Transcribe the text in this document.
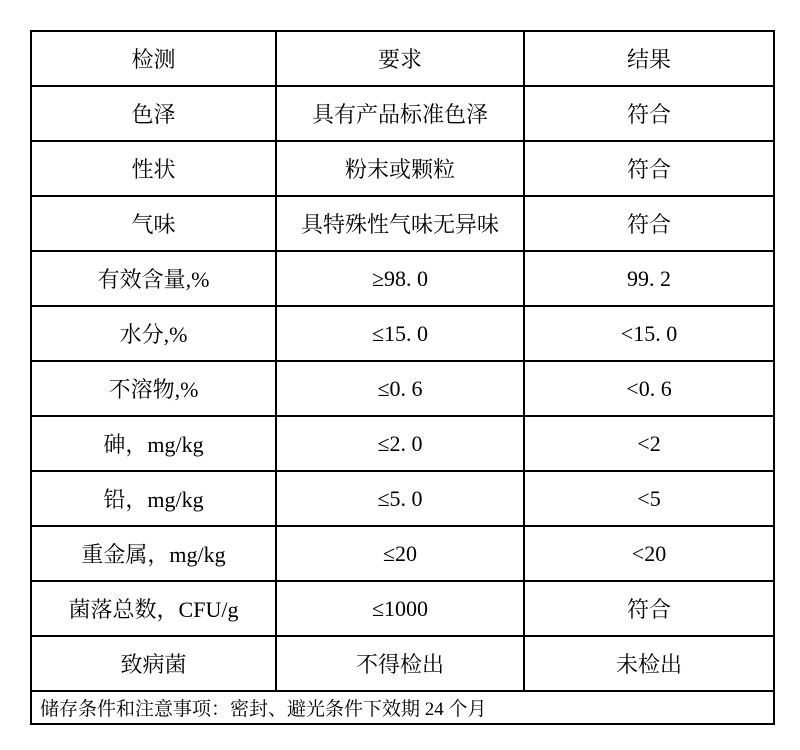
检测	要求	结果
色泽	具有产品标准色泽	符合
性状	粉末或颗粒	符合
气味	具特殊性气味无异味	符合
有效含量,%	≥98. 0	99. 2
水分,%	≤15. 0	<15. 0
不溶物,%	≤0. 6	<0. 6
砷，mg/kg	≤2. 0	<2
铅，mg/kg	≤5. 0	<5
重金属，mg/kg	≤20	<20
菌落总数，CFU/g	≤1000	符合
致病菌	不得检出	未检出
储存条件和注意事项：密封、避光条件下效期 24 个月		
